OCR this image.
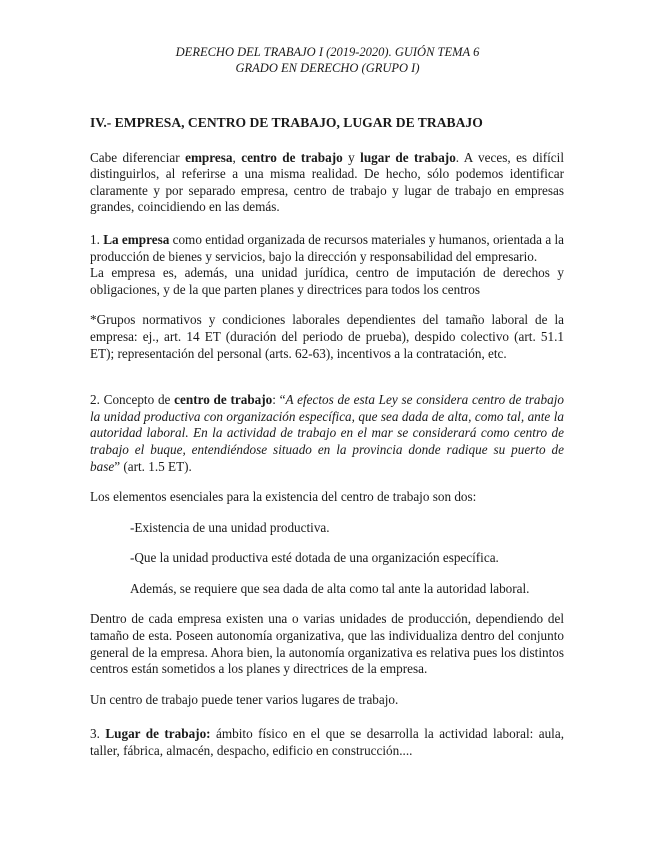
DERECHO DEL TRABAJO I (2019-2020). GUIÓN TEMA 6
GRADO EN DERECHO (GRUPO I)

IV.- EMPRESA, CENTRO DE TRABAJO, LUGAR DE TRABAJO

Cabe diferenciar empresa, centro de trabajo y lugar de trabajo. A veces, es difícil distinguirlos, al referirse a una misma realidad. De hecho, sólo podemos identificar claramente y por separado empresa, centro de trabajo y lugar de trabajo en empresas grandes, coincidiendo en las demás.

1. La empresa como entidad organizada de recursos materiales y humanos, orientada a la producción de bienes y servicios, bajo la dirección y responsabilidad del empresario.

La empresa es, además, una unidad jurídica, centro de imputación de derechos y obligaciones, y de la que parten planes y directrices para todos los centros

*Grupos normativos y condiciones laborales dependientes del tamaño laboral de la empresa: ej., art. 14 ET (duración del periodo de prueba), despido colectivo (art. 51.1 ET); representación del personal (arts. 62-63), incentivos a la contratación, etc.

2. Concepto de centro de trabajo: “A efectos de esta Ley se considera centro de trabajo la unidad productiva con organización específica, que sea dada de alta, como tal, ante la autoridad laboral. En la actividad de trabajo en el mar se considerará como centro de trabajo el buque, entendiéndose situado en la provincia donde radique su puerto de base” (art. 1.5 ET).

Los elementos esenciales para la existencia del centro de trabajo son dos:

-Existencia de una unidad productiva.

-Que la unidad productiva esté dotada de una organización específica.

Además, se requiere que sea dada de alta como tal ante la autoridad laboral.

Dentro de cada empresa existen una o varias unidades de producción, dependiendo del tamaño de esta. Poseen autonomía organizativa, que las individualiza dentro del conjunto general de la empresa. Ahora bien, la autonomía organizativa es relativa pues los distintos centros están sometidos a los planes y directrices de la empresa.

Un centro de trabajo puede tener varios lugares de trabajo.

3. Lugar de trabajo: ámbito físico en el que se desarrolla la actividad laboral: aula, taller, fábrica, almacén, despacho, edificio en construcción....
